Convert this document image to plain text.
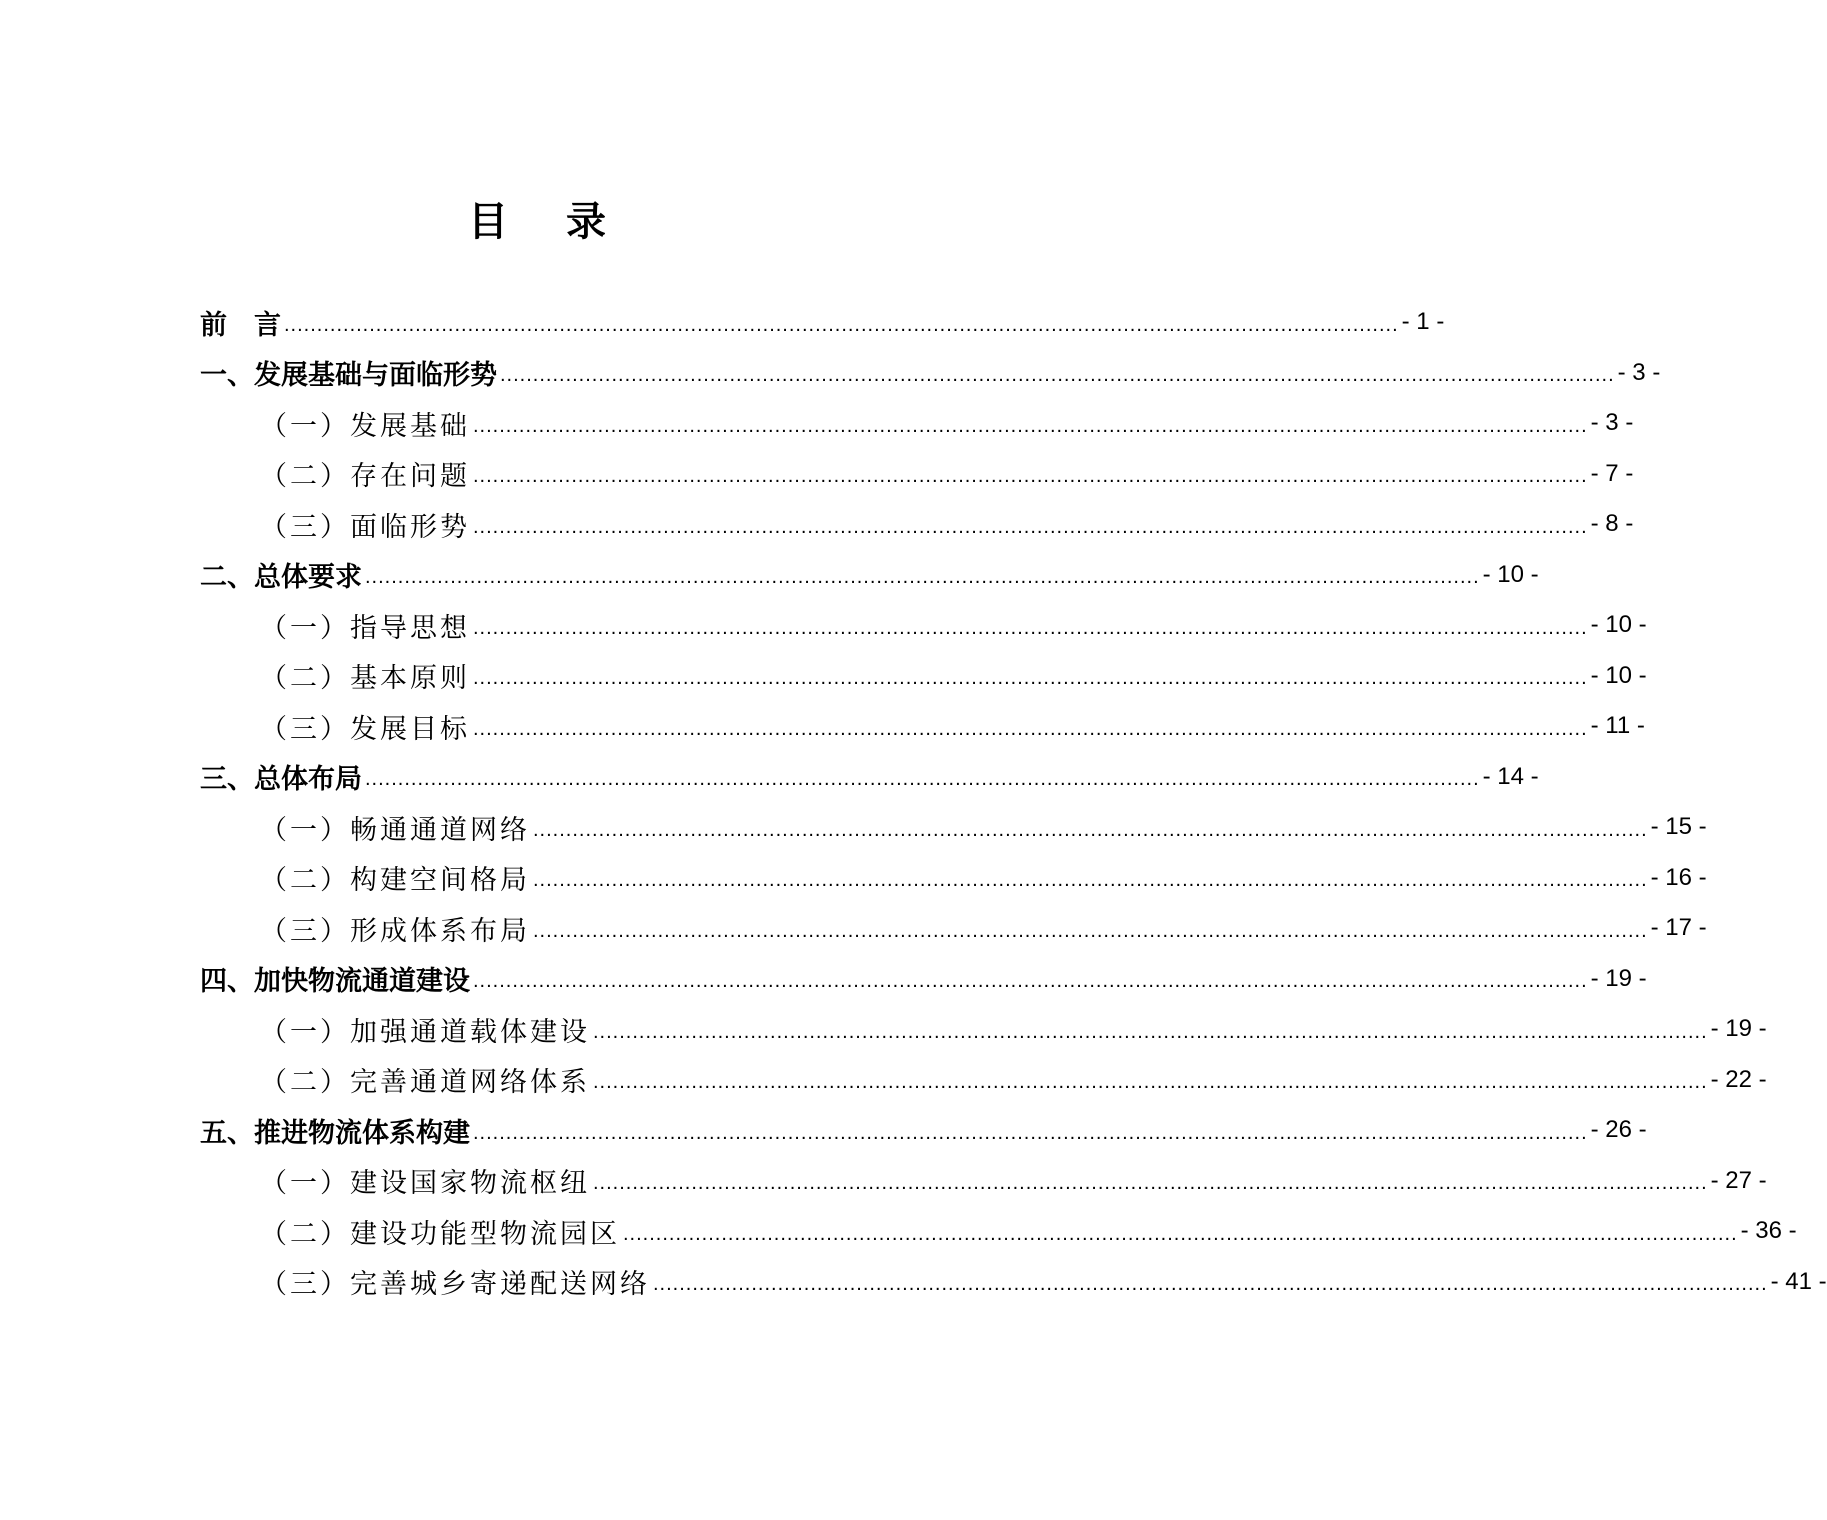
目 录
前　言 .......................................................................................................................................................................... - 1 -
一、发展基础与面临形势 .......................................................................................................................................................................... - 3 -
（一）发展基础 .......................................................................................................................................................................... - 3 -
（二）存在问题 .......................................................................................................................................................................... - 7 -
（三）面临形势 .......................................................................................................................................................................... - 8 -
二、总体要求 .......................................................................................................................................................................... - 10 -
（一）指导思想 .......................................................................................................................................................................... - 10 -
（二）基本原则 .......................................................................................................................................................................... - 10 -
（三）发展目标 .......................................................................................................................................................................... - 11 -
三、总体布局 .......................................................................................................................................................................... - 14 -
（一）畅通通道网络 .......................................................................................................................................................................... - 15 -
（二）构建空间格局 .......................................................................................................................................................................... - 16 -
（三）形成体系布局 .......................................................................................................................................................................... - 17 -
四、加快物流通道建设 .......................................................................................................................................................................... - 19 -
（一）加强通道载体建设 .......................................................................................................................................................................... - 19 -
（二）完善通道网络体系 .......................................................................................................................................................................... - 22 -
五、推进物流体系构建 .......................................................................................................................................................................... - 26 -
（一）建设国家物流枢纽 .......................................................................................................................................................................... - 27 -
（二）建设功能型物流园区 .......................................................................................................................................................................... - 36 -
（三）完善城乡寄递配送网络 .......................................................................................................................................................................... - 41 -
